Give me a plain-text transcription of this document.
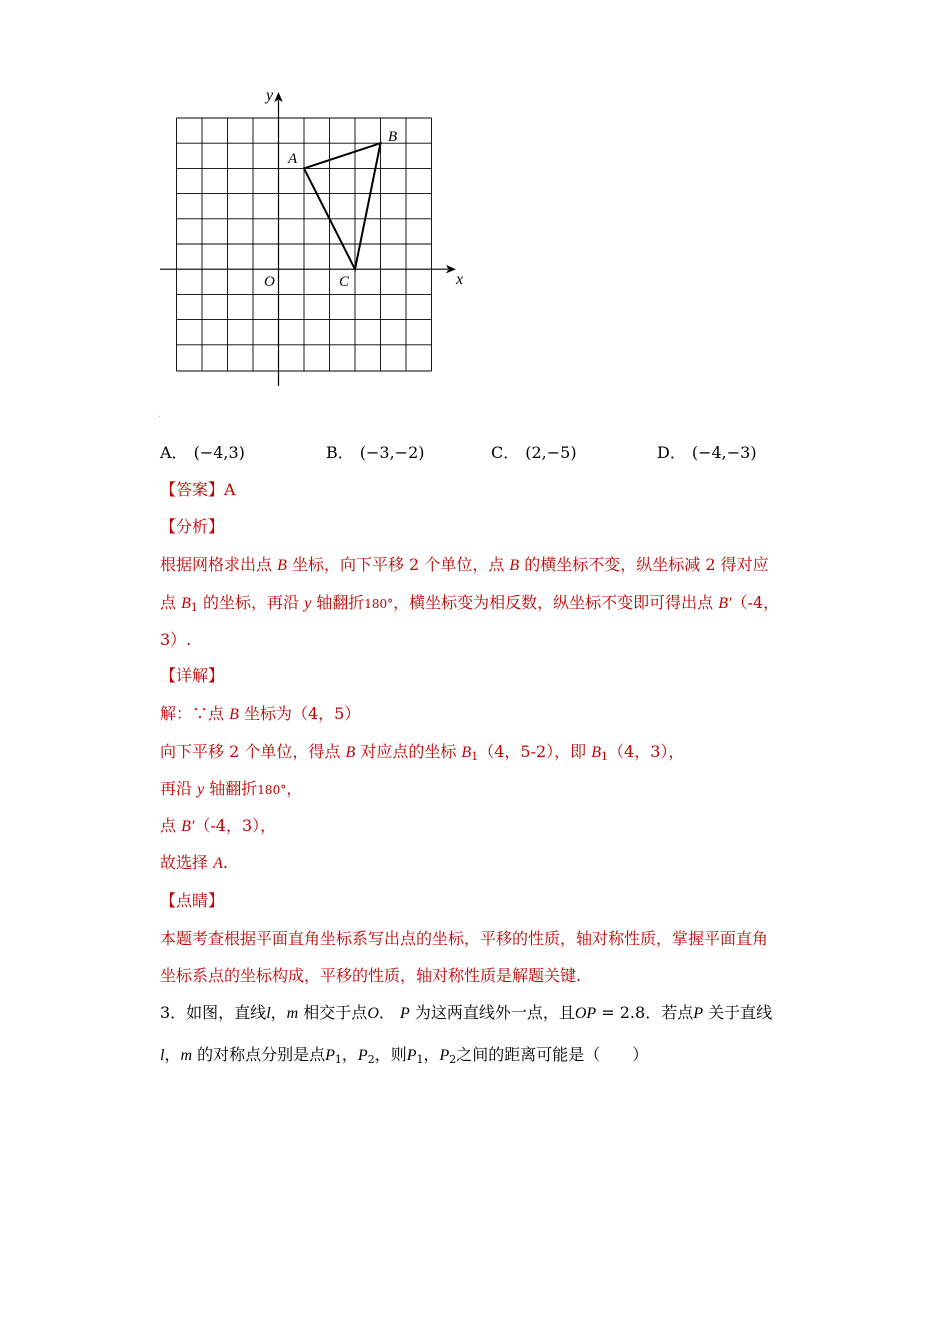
A
B
C
O	x
y
·
A． (−4,3)	B． (−3,−2)	C． (2,−5)	D． (−4,−3)
【答案】A
【分析】
根据网格求出点 B 坐标，向下平移 2 个单位，点 B 的横坐标不变，纵坐标减 2 得对应
点 $B_1$ 的坐标，再沿 y 轴翻折180°，横坐标变为相反数，纵坐标不变即可得出点 B′（-4，
3）.
【详解】
解：∵点 B 坐标为（4，5）
向下平移 2 个单位，得点 B 对应点的坐标 $B_1(4$，5-2），即 $B_1(4$，3），
再沿 y 轴翻折180°，
点 B′（-4，3），
故选择 A.
【点睛】
本题考查根据平面直角坐标系写出点的坐标，平移的性质，轴对称性质，掌握平面直角
坐标系点的坐标构成，平移的性质，轴对称性质是解题关键.
3．如图，直线l，m 相交于点O． P 为这两直线外一点，且OP = 2.8．若点P 关于直线
l，m 的对称点分别是点$P_1$，$P_2$，则$P_1$，$P_2$之间的距离可能是（　　）
